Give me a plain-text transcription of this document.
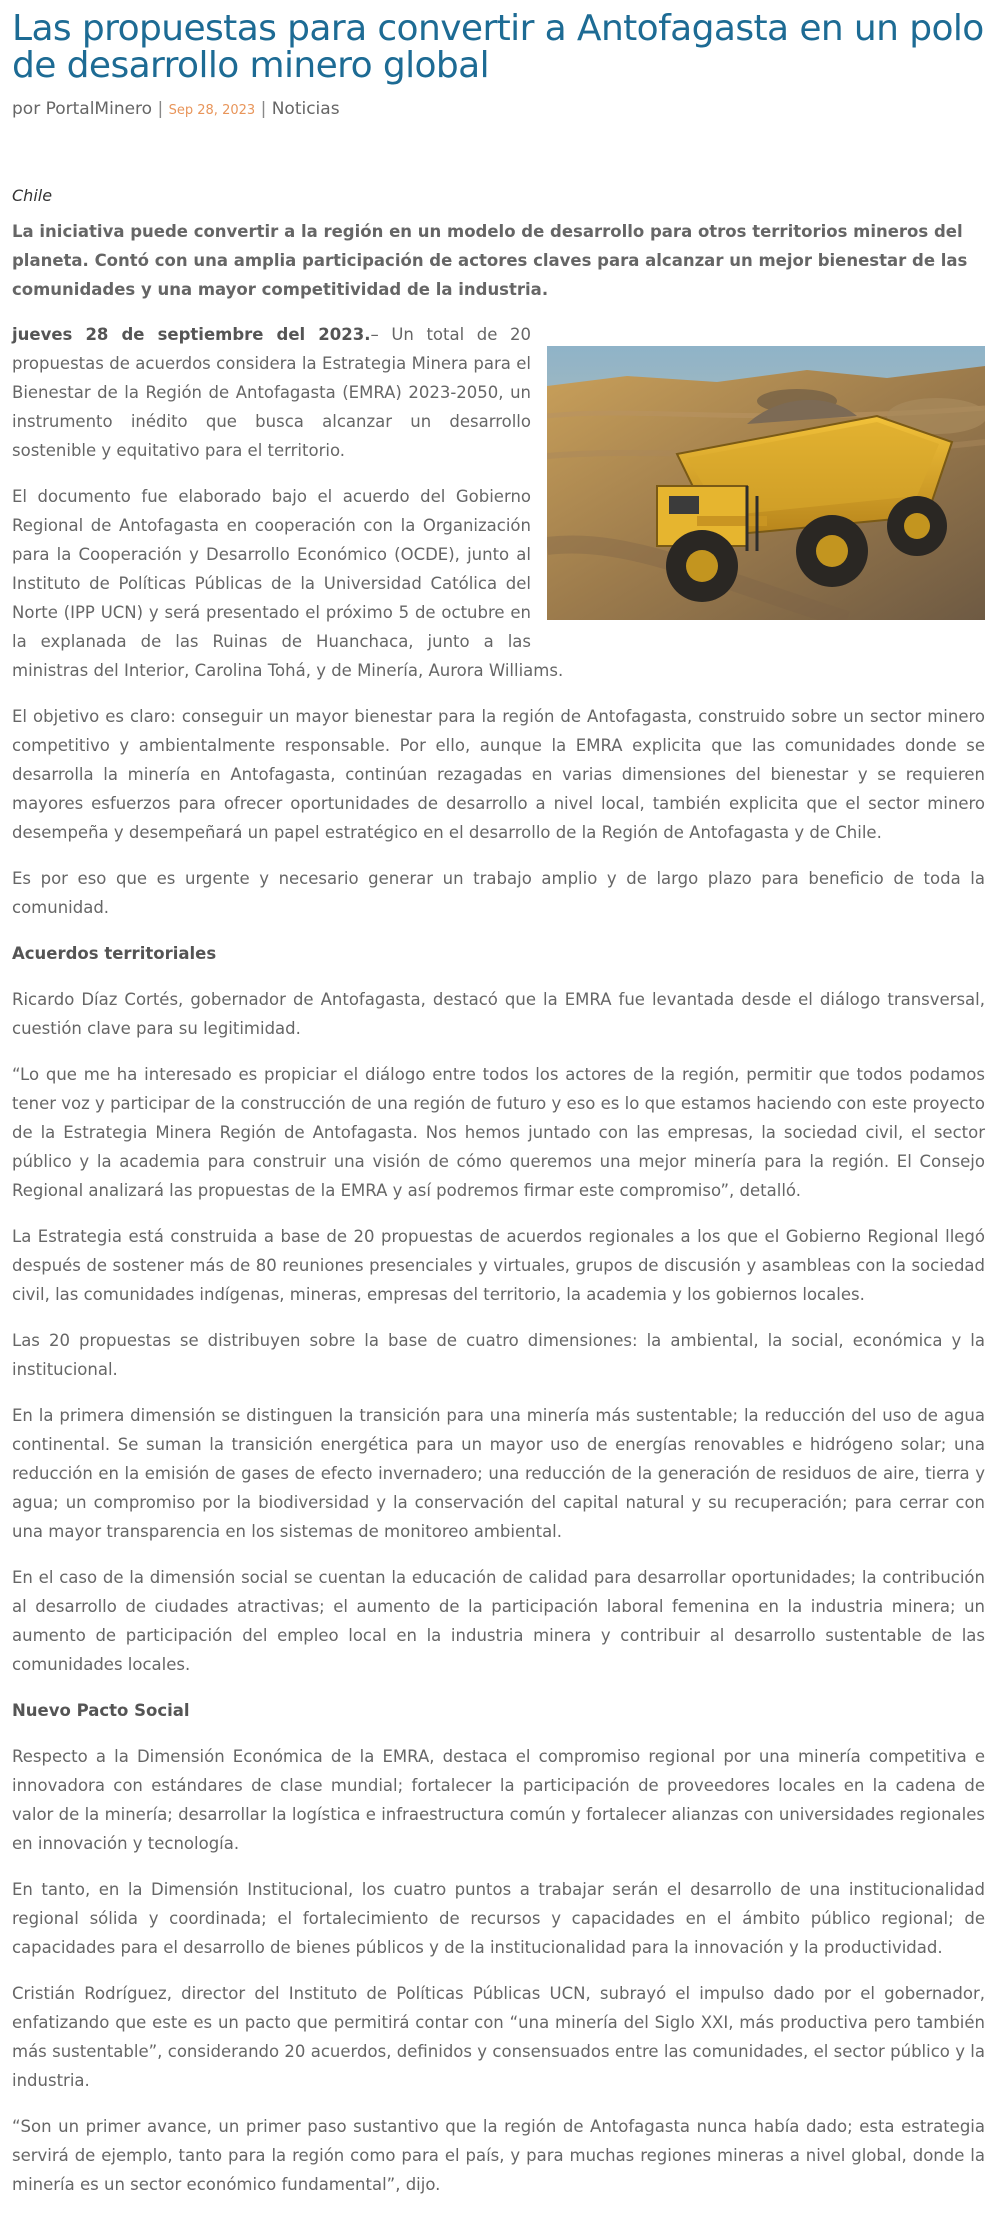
Las propuestas para convertir a Antofagasta en un polo de desarrollo minero global
por PortalMinero | Sep 28, 2023 | Noticias
Chile

La iniciativa puede convertir a la región en un modelo de desarrollo para otros territorios mineros del planeta. Contó con una amplia participación de actores claves para alcanzar un mejor bienestar de las comunidades y una mayor competitividad de la industria.

jueves 28 de septiembre del 2023.– Un total de 20 propuestas de acuerdos considera la Estrategia Minera para el Bienestar de la Región de Antofagasta (EMRA) 2023-2050, un instrumento inédito que busca alcanzar un desarrollo sostenible y equitativo para el territorio.

El documento fue elaborado bajo el acuerdo del Gobierno Regional de Antofagasta en cooperación con la Organización para la Cooperación y Desarrollo Económico (OCDE), junto al Instituto de Políticas Públicas de la Universidad Católica del Norte (IPP UCN) y será presentado el próximo 5 de octubre en la explanada de las Ruinas de Huanchaca, junto a las ministras del Interior, Carolina Tohá, y de Minería, Aurora Williams.

El objetivo es claro: conseguir un mayor bienestar para la región de Antofagasta, construido sobre un sector minero competitivo y ambientalmente responsable. Por ello, aunque la EMRA explicita que las comunidades donde se desarrolla la minería en Antofagasta, continúan rezagadas en varias dimensiones del bienestar y se requieren mayores esfuerzos para ofrecer oportunidades de desarrollo a nivel local, también explicita que el sector minero desempeña y desempeñará un papel estratégico en el desarrollo de la Región de Antofagasta y de Chile.

Es por eso que es urgente y necesario generar un trabajo amplio y de largo plazo para beneficio de toda la comunidad.

Acuerdos territoriales

Ricardo Díaz Cortés, gobernador de Antofagasta, destacó que la EMRA fue levantada desde el diálogo transversal, cuestión clave para su legitimidad.

“Lo que me ha interesado es propiciar el diálogo entre todos los actores de la región, permitir que todos podamos tener voz y participar de la construcción de una región de futuro y eso es lo que estamos haciendo con este proyecto de la Estrategia Minera Región de Antofagasta. Nos hemos juntado con las empresas, la sociedad civil, el sector público y la academia para construir una visión de cómo queremos una mejor minería para la región. El Consejo Regional analizará las propuestas de la EMRA y así podremos firmar este compromiso”, detalló.

La Estrategia está construida a base de 20 propuestas de acuerdos regionales a los que el Gobierno Regional llegó después de sostener más de 80 reuniones presenciales y virtuales, grupos de discusión y asambleas con la sociedad civil, las comunidades indígenas, mineras, empresas del territorio, la academia y los gobiernos locales.

Las 20 propuestas se distribuyen sobre la base de cuatro dimensiones: la ambiental, la social, económica y la institucional.

En la primera dimensión se distinguen la transición para una minería más sustentable; la reducción del uso de agua continental. Se suman la transición energética para un mayor uso de energías renovables e hidrógeno solar; una reducción en la emisión de gases de efecto invernadero; una reducción de la generación de residuos de aire, tierra y agua; un compromiso por la biodiversidad y la conservación del capital natural y su recuperación; para cerrar con una mayor transparencia en los sistemas de monitoreo ambiental.

En el caso de la dimensión social se cuentan la educación de calidad para desarrollar oportunidades; la contribución al desarrollo de ciudades atractivas; el aumento de la participación laboral femenina en la industria minera; un aumento de participación del empleo local en la industria minera y contribuir al desarrollo sustentable de las comunidades locales.

Nuevo Pacto Social

Respecto a la Dimensión Económica de la EMRA, destaca el compromiso regional por una minería competitiva e innovadora con estándares de clase mundial; fortalecer la participación de proveedores locales en la cadena de valor de la minería; desarrollar la logística e infraestructura común y fortalecer alianzas con universidades regionales en innovación y tecnología.

En tanto, en la Dimensión Institucional, los cuatro puntos a trabajar serán el desarrollo de una institucionalidad regional sólida y coordinada; el fortalecimiento de recursos y capacidades en el ámbito público regional; de capacidades para el desarrollo de bienes públicos y de la institucionalidad para la innovación y la productividad.

Cristián Rodríguez, director del Instituto de Políticas Públicas UCN, subrayó el impulso dado por el gobernador, enfatizando que este es un pacto que permitirá contar con “una minería del Siglo XXI, más productiva pero también más sustentable”, considerando 20 acuerdos, definidos y consensuados entre las comunidades, el sector público y la industria.

“Son un primer avance, un primer paso sustantivo que la región de Antofagasta nunca había dado; esta estrategia servirá de ejemplo, tanto para la región como para el país, y para muchas regiones mineras a nivel global, donde la minería es un sector económico fundamental”, dijo.
